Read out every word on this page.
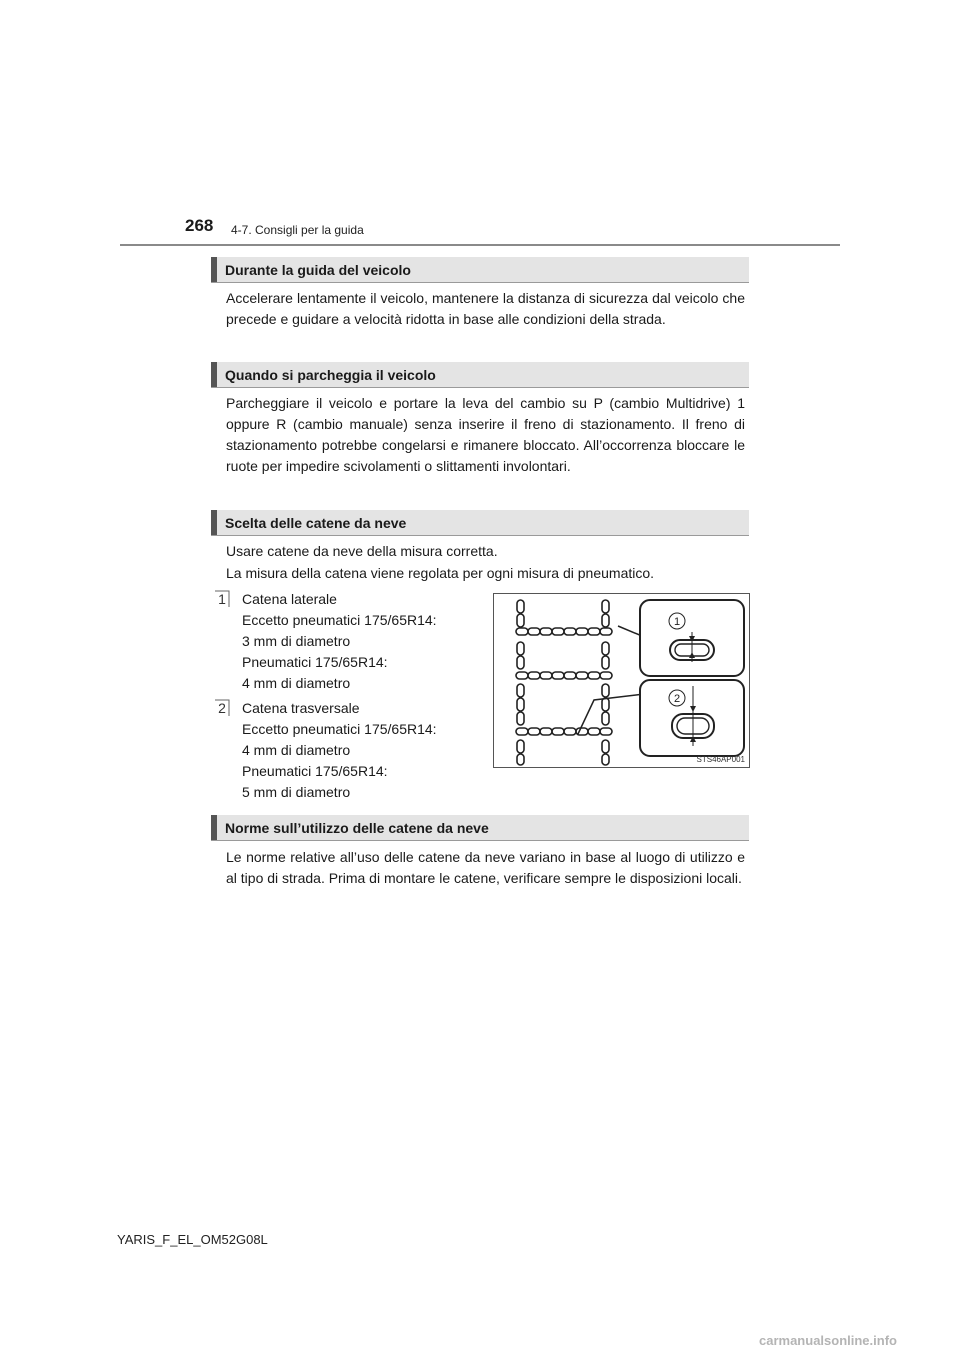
268 4-7. Consigli per la guida
Durante la guida del veicolo
Accelerare lentamente il veicolo, mantenere la distanza di sicurezza dal veicolo che precede e guidare a velocità ridotta in base alle condizioni della strada.
Quando si parcheggia il veicolo
Parcheggiare il veicolo e portare la leva del cambio su P (cambio Multidrive) 1 oppure R (cambio manuale) senza inserire il freno di stazionamento. Il freno di stazionamento potrebbe congelarsi e rimanere bloccato. All’occorrenza bloccare le ruote per impedire scivolamenti o slittamenti involontari.
Scelta delle catene da neve
Usare catene da neve della misura corretta.
La misura della catena viene regolata per ogni misura di pneumatico.
1	Catena laterale
Eccetto pneumatici 175/65R14:
3 mm di diametro
Pneumatici 175/65R14:
4 mm di diametro
2	Catena trasversale
Eccetto pneumatici 175/65R14:
4 mm di diametro
Pneumatici 175/65R14:
5 mm di diametro
1
2
STS46AP001
Norme sull’utilizzo delle catene da neve
Le norme relative all’uso delle catene da neve variano in base al luogo di utilizzo e al tipo di strada. Prima di montare le catene, verificare sempre le disposizioni locali.
YARIS_F_EL_OM52G08L
carmanualsonline.info
